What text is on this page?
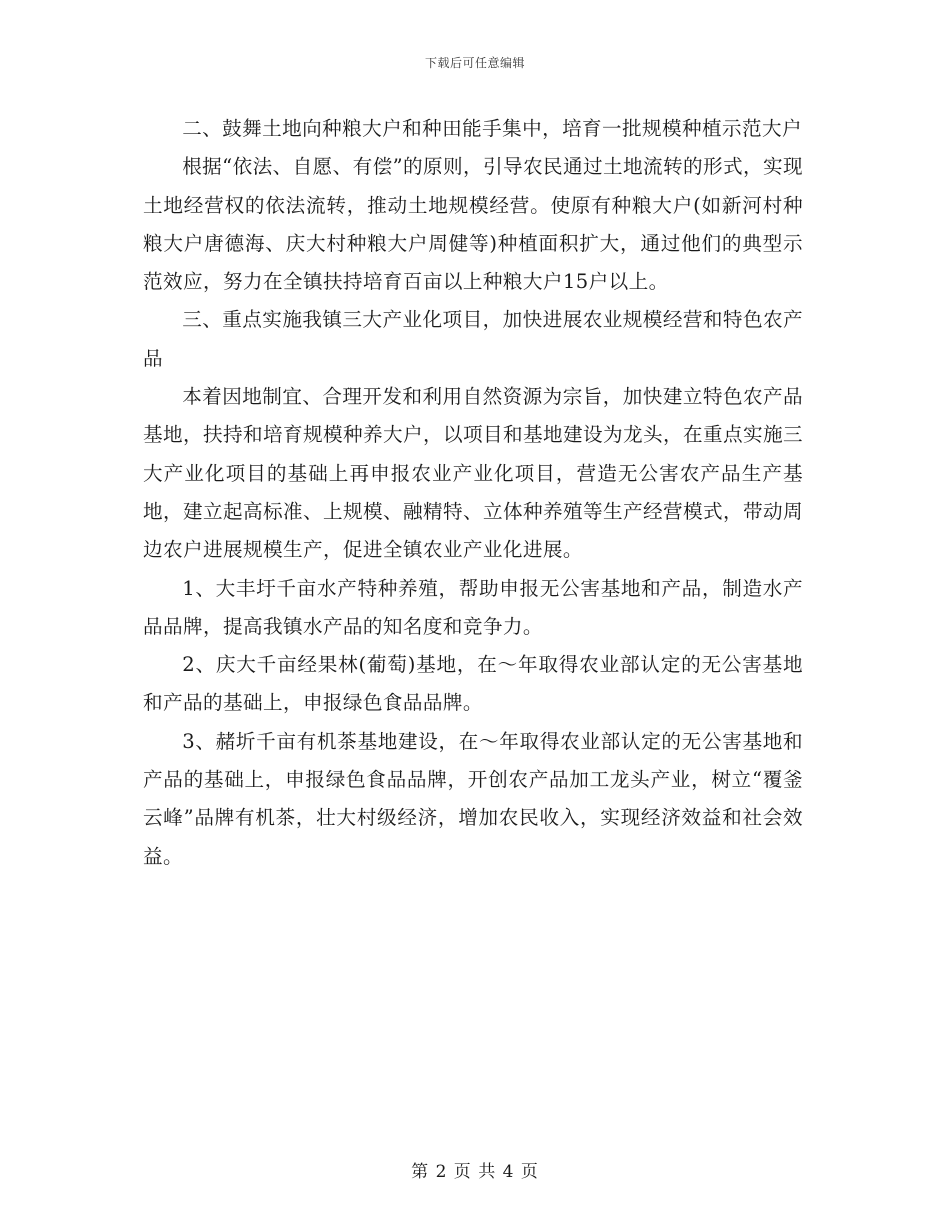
下载后可任意编辑

二、鼓舞土地向种粮大户和种田能手集中，培育一批规模种植示范大户

根据“依法、自愿、有偿”的原则，引导农民通过土地流转的形式，实现土地经营权的依法流转，推动土地规模经营。使原有种粮大户(如新河村种粮大户唐德海、庆大村种粮大户周健等)种植面积扩大，通过他们的典型示范效应，努力在全镇扶持培育百亩以上种粮大户15户以上。

三、重点实施我镇三大产业化项目，加快进展农业规模经营和特色农产品

本着因地制宜、合理开发和利用自然资源为宗旨，加快建立特色农产品基地，扶持和培育规模种养大户，以项目和基地建设为龙头，在重点实施三大产业化项目的基础上再申报农业产业化项目，营造无公害农产品生产基地，建立起高标准、上规模、融精特、立体种养殖等生产经营模式，带动周边农户进展规模生产，促进全镇农业产业化进展。

1、大丰圩千亩水产特种养殖，帮助申报无公害基地和产品，制造水产品品牌，提高我镇水产品的知名度和竞争力。

2、庆大千亩经果林(葡萄)基地，在～年取得农业部认定的无公害基地和产品的基础上，申报绿色食品品牌。

3、赭圻千亩有机茶基地建设，在～年取得农业部认定的无公害基地和产品的基础上，申报绿色食品品牌，开创农产品加工龙头产业，树立“覆釜云峰”品牌有机茶，壮大村级经济，增加农民收入，实现经济效益和社会效益。

第 2 页 共 4 页
